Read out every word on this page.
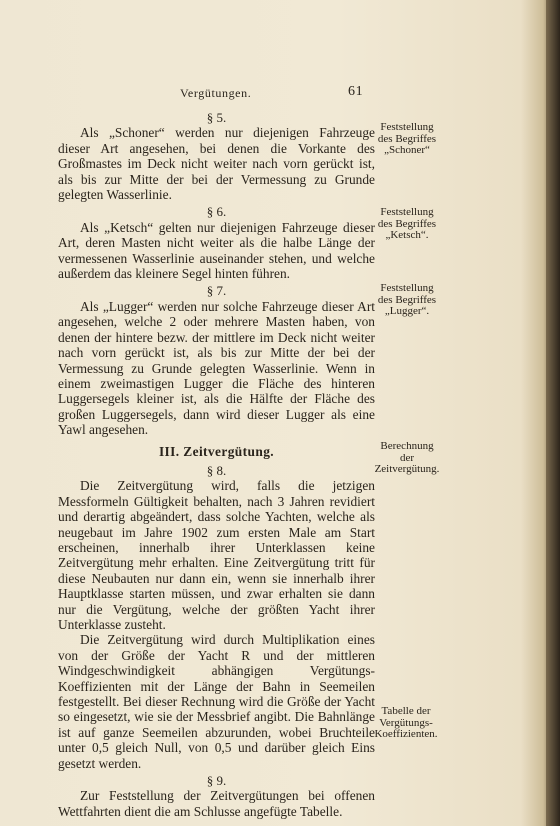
Vergütungen.	61
§ 5.

Als „Schoner“ werden nur diejenigen Fahrzeuge dieser Art angesehen, bei denen die Vorkante des Großmastes im Deck nicht weiter nach vorn gerückt ist, als bis zur Mitte der bei der Vermessung zu Grunde gelegten Wasserlinie.

§ 6.

Als „Ketsch“ gelten nur diejenigen Fahrzeuge dieser Art, deren Masten nicht weiter als die halbe Länge der vermessenen Wasserlinie auseinander stehen, und welche außerdem das kleinere Segel hinten führen.

§ 7.

Als „Lugger“ werden nur solche Fahrzeuge dieser Art angesehen, welche 2 oder mehrere Masten haben, von denen der hintere bezw. der mittlere im Deck nicht weiter nach vorn gerückt ist, als bis zur Mitte der bei der Vermessung zu Grunde gelegten Wasserlinie. Wenn in einem zweimastigen Lugger die Fläche des hinteren Luggersegels kleiner ist, als die Hälfte der Fläche des großen Luggersegels, dann wird dieser Lugger als eine Yawl angesehen.

III. Zeitvergütung.
§ 8.

Die Zeitvergütung wird, falls die jetzigen Messformeln Gültigkeit behalten, nach 3 Jahren revidiert und derartig abgeändert, dass solche Yachten, welche als neugebaut im Jahre 1902 zum ersten Male am Start erscheinen, innerhalb ihrer Unterklassen keine Zeitvergütung mehr erhalten. Eine Zeitvergütung tritt für diese Neubauten nur dann ein, wenn sie innerhalb ihrer Hauptklasse starten müssen, und zwar erhalten sie dann nur die Vergütung, welche der größten Yacht ihrer Unterklasse zusteht.

Die Zeitvergütung wird durch Multiplikation eines von der Größe der Yacht R und der mittleren Windgeschwindigkeit abhängigen Vergütungs-Koeffizienten mit der Länge der Bahn in Seemeilen festgestellt. Bei dieser Rechnung wird die Größe der Yacht so eingesetzt, wie sie der Messbrief angibt. Die Bahnlänge ist auf ganze Seemeilen abzurunden, wobei Bruchteile unter 0,5 gleich Null, von 0,5 und darüber gleich Eins gesetzt werden.

§ 9.

Zur Feststellung der Zeitvergütungen bei offenen Wettfahrten dient die am Schlusse angefügte Tabelle.

Feststellung des Begriffes „Schoner“
Feststellung des Begriffes „Ketsch“.
Feststellung des Begriffes „Lugger“.
Berechnung der Zeitvergütung.
Tabelle der Vergütungs-Koeffizienten.
